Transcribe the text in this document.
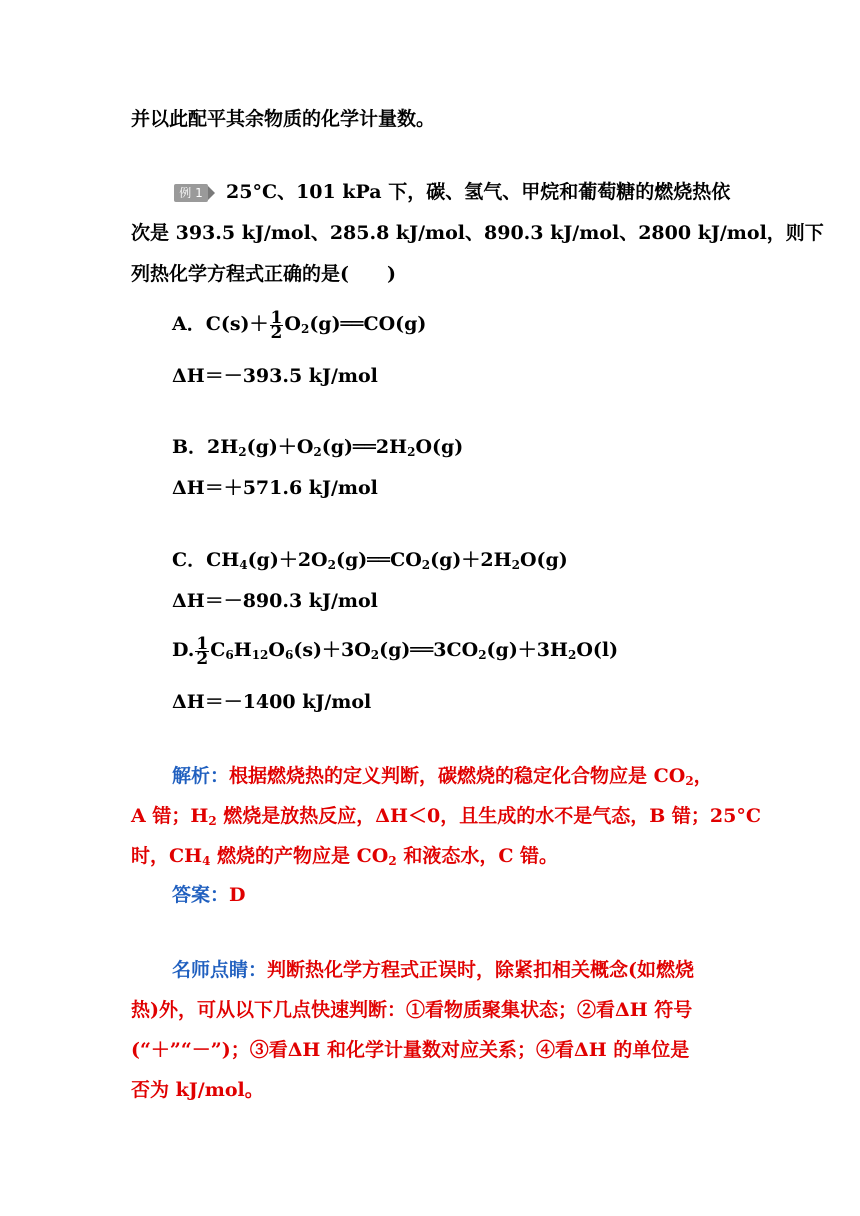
并以此配平其余物质的化学计量数。
例 1 25°C、101 kPa 下，碳、氢气、甲烷和葡萄糖的燃烧热依
次是 393.5 kJ/mol、285.8 kJ/mol、890.3 kJ/mol、2800 kJ/mol，则下
列热化学方程式正确的是(　　)
A．$C(s)+ \frac{1}{2}$ $O_2(g)══CO(g)$
ΔH＝－393.5 kJ/mol
B．$2H_2(g)+O_2(g)══2H_2O(g)$
ΔH＝＋571.6 kJ/mol
C．$CH_4(g)+2O_2(g)══CO_2(g)+2H_2O(g)$
ΔH＝－890.3 kJ/mol
D. $\frac{1}{2}$ $C_6H_{12}O_6(s)+3O_2(g)══3CO_2(g)+3H_2O(l)$
ΔH＝－1400 kJ/mol
解析：根据燃烧热的定义判断，碳燃烧的稳定化合物应是 $CO_2$，
A 错；$H_2$ 燃烧是放热反应，ΔH＜0，且生成的水不是气态，B 错；25°C
时，$CH_4$ 燃烧的产物应是 $CO_2$ 和液态水，C 错。
答案：D
名师点睛：判断热化学方程式正误时，除紧扣相关概念(如燃烧
热)外，可从以下几点快速判断：①看物质聚集状态；②看ΔH 符号
(“＋”“－”)；③看ΔH 和化学计量数对应关系；④看ΔH 的单位是
否为 kJ/mol。
